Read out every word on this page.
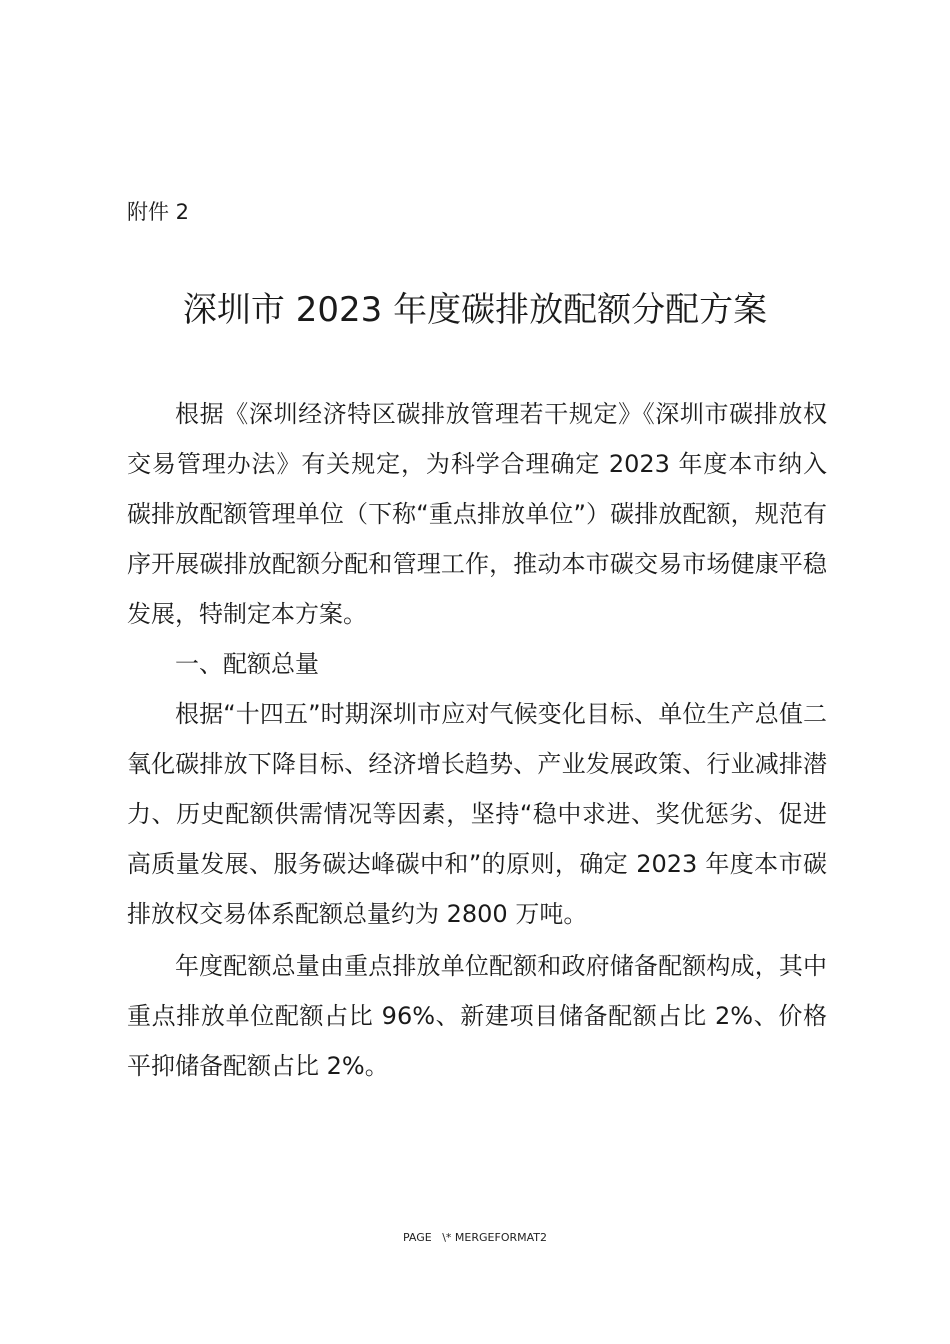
附件 2
深圳市 2023 年度碳排放配额分配方案

根据《深圳经济特区碳排放管理若干规定》《深圳市碳排放权交易管理办法》有关规定，为科学合理确定 2023 年度本市纳入碳排放配额管理单位（下称“重点排放单位”）碳排放配额，规范有序开展碳排放配额分配和管理工作，推动本市碳交易市场健康平稳发展，特制定本方案。

一、配额总量

根据“十四五”时期深圳市应对气候变化目标、单位生产总值二氧化碳排放下降目标、经济增长趋势、产业发展政策、行业减排潜力、历史配额供需情况等因素，坚持“稳中求进、奖优惩劣、促进高质量发展、服务碳达峰碳中和”的原则，确定 2023 年度本市碳排放权交易体系配额总量约为 2800 万吨。

年度配额总量由重点排放单位配额和政府储备配额构成，其中重点排放单位配额占比 96%、新建项目储备配额占比 2%、价格平抑储备配额占比 2%。

PAGE   \* MERGEFORMAT2
